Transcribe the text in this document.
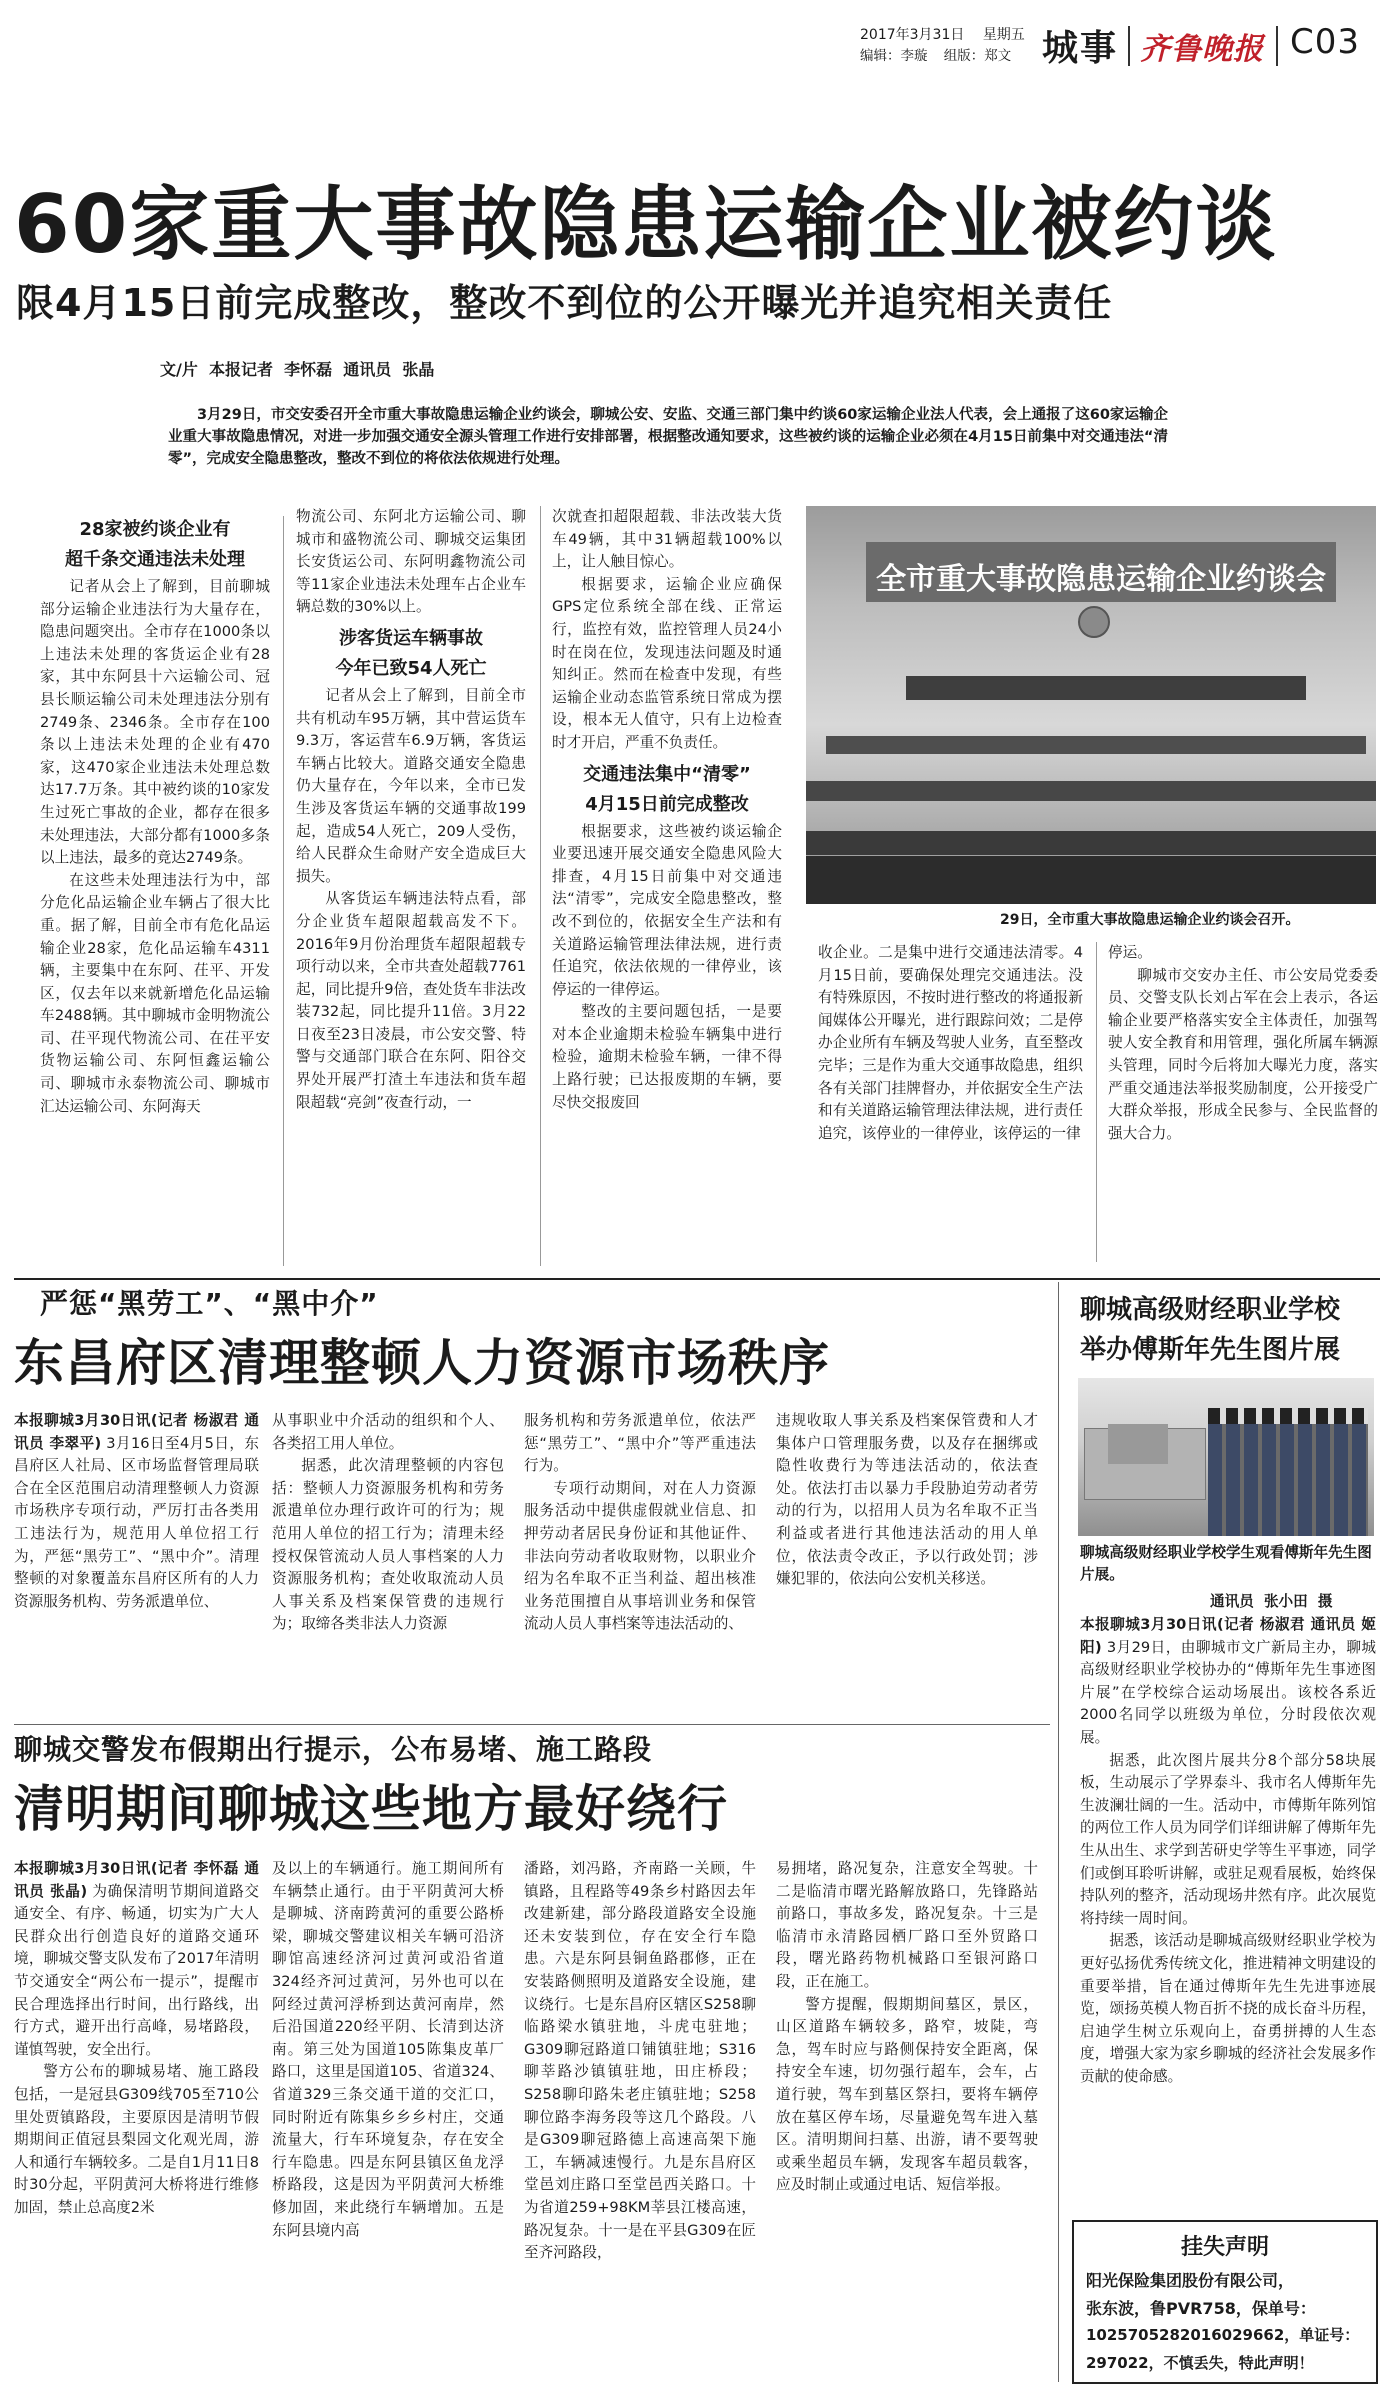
2017年3月31日 星期五
编辑：李璇 组版：郑文 城事 齐鲁晚报 C03
60家重大事故隐患运输企业被约谈
限4月15日前完成整改，整改不到位的公开曝光并追究相关责任
文/片  本报记者  李怀磊  通讯员  张晶

3月29日，市交安委召开全市重大事故隐患运输企业约谈会，聊城公安、安监、交通三部门集中约谈60家运输企业法人代表，会上通报了这60家运输企业重大事故隐患情况，对进一步加强交通安全源头管理工作进行安排部署，根据整改通知要求，这些被约谈的运输企业必须在4月15日前集中对交通违法“清零”，完成安全隐患整改，整改不到位的将依法依规进行处理。

28家被约谈企业有

超千条交通违法未处理

记者从会上了解到，目前聊城部分运输企业违法行为大量存在，隐患问题突出。全市存在1000条以上违法未处理的客货运企业有28家，其中东阿县十六运输公司、冠县长顺运输公司未处理违法分别有2749条、2346条。全市存在100条以上违法未处理的企业有470家，这470家企业违法未处理总数达17.7万条。其中被约谈的10家发生过死亡事故的企业，都存在很多未处理违法，大部分都有1000多条以上违法，最多的竟达2749条。

在这些未处理违法行为中，部分危化品运输企业车辆占了很大比重。据了解，目前全市有危化品运输企业28家，危化品运输车4311辆，主要集中在东阿、茌平、开发区，仅去年以来就新增危化品运输车2488辆。其中聊城市金明物流公司、茌平现代物流公司、在茌平安货物运输公司、东阿恒鑫运输公司、聊城市永泰物流公司、聊城市汇达运输公司、东阿海天

物流公司、东阿北方运输公司、聊城市和盛物流公司、聊城交运集团长安货运公司、东阿明鑫物流公司等11家企业违法未处理车占企业车辆总数的30%以上。

涉客货运车辆事故

今年已致54人死亡

记者从会上了解到，目前全市共有机动车95万辆，其中营运货车9.3万，客运营车6.9万辆，客货运车辆占比较大。道路交通安全隐患仍大量存在，今年以来，全市已发生涉及客货运车辆的交通事故199起，造成54人死亡，209人受伤，给人民群众生命财产安全造成巨大损失。

从客货运车辆违法特点看，部分企业货车超限超载高发不下。2016年9月份治理货车超限超载专项行动以来，全市共查处超载7761起，同比提升9倍，查处货车非法改装732起，同比提升11倍。3月22日夜至23日凌晨，市公安交警、特警与交通部门联合在东阿、阳谷交界处开展严打渣土车违法和货车超限超载“亮剑”夜查行动，一

次就查扣超限超载、非法改装大货车49辆，其中31辆超载100%以上，让人触目惊心。

根据要求，运输企业应确保GPS定位系统全部在线、正常运行，监控有效，监控管理人员24小时在岗在位，发现违法问题及时通知纠正。然而在检查中发现，有些运输企业动态监管系统日常成为摆设，根本无人值守，只有上边检查时才开启，严重不负责任。

交通违法集中“清零”

4月15日前完成整改

根据要求，这些被约谈运输企业要迅速开展交通安全隐患风险大排查，4月15日前集中对交通违法“清零”，完成安全隐患整改，整改不到位的，依据安全生产法和有关道路运输管理法律法规，进行责任追究，依法依规的一律停业，该停运的一律停运。

整改的主要问题包括，一是要对本企业逾期未检验车辆集中进行检验，逾期未检验车辆，一律不得上路行驶；已达报废期的车辆，要尽快交报废回

全市重大事故隐患运输企业约谈会
29日，全市重大事故隐患运输企业约谈会召开。

收企业。二是集中进行交通违法清零。4月15日前，要确保处理完交通违法。没有特殊原因，不按时进行整改的将通报新闻媒体公开曝光，进行跟踪问效；二是停办企业所有车辆及驾驶人业务，直至整改完毕；三是作为重大交通事故隐患，组织各有关部门挂牌督办，并依据安全生产法和有关道路运输管理法律法规，进行责任追究，该停业的一律停业，该停运的一律

停运。

聊城市交安办主任、市公安局党委委员、交警支队长刘占军在会上表示，各运输企业要严格落实安全主体责任，加强驾驶人安全教育和用管理，强化所属车辆源头管理，同时今后将加大曝光力度，落实严重交通违法举报奖励制度，公开接受广大群众举报，形成全民参与、全民监督的强大合力。

严惩“黑劳工”、“黑中介”
东昌府区清理整顿人力资源市场秩序

本报聊城3月30日讯(记者 杨淑君 通讯员 李翠平) 3月16日至4月5日，东昌府区人社局、区市场监督管理局联合在全区范围启动清理整顿人力资源市场秩序专项行动，严厉打击各类用工违法行为，规范用人单位招工行为，严惩“黑劳工”、“黑中介”。清理整顿的对象覆盖东昌府区所有的人力资源服务机构、劳务派遣单位、

从事职业中介活动的组织和个人、各类招工用人单位。

据悉，此次清理整顿的内容包括：整顿人力资源服务机构和劳务派遣单位办理行政许可的行为；规范用人单位的招工行为；清理未经授权保管流动人员人事档案的人力资源服务机构；查处收取流动人员人事关系及档案保管费的违规行为；取缔各类非法人力资源

服务机构和劳务派遣单位，依法严惩“黑劳工”、“黑中介”等严重违法行为。

专项行动期间，对在人力资源服务活动中提供虚假就业信息、扣押劳动者居民身份证和其他证件、非法向劳动者收取财物，以职业介绍为名牟取不正当利益、超出核准业务范围擅自从事培训业务和保管流动人员人事档案等违法活动的、

违规收取人事关系及档案保管费和人才集体户口管理服务费，以及存在捆绑或隐性收费行为等违法活动的，依法查处。依法打击以暴力手段胁迫劳动者劳动的行为，以招用人员为名牟取不正当利益或者进行其他违法活动的用人单位，依法责令改正，予以行政处罚；涉嫌犯罪的，依法向公安机关移送。

聊城交警发布假期出行提示，公布易堵、施工路段
清明期间聊城这些地方最好绕行

本报聊城3月30日讯(记者 李怀磊 通讯员 张晶) 为确保清明节期间道路交通安全、有序、畅通，切实为广大人民群众出行创造良好的道路交通环境，聊城交警支队发布了2017年清明节交通安全“两公布一提示”，提醒市民合理选择出行时间，出行路线，出行方式，避开出行高峰，易堵路段，谨慎驾驶，安全出行。

警方公布的聊城易堵、施工路段包括，一是冠县G309线705至710公里处贾镇路段，主要原因是清明节假期期间正值冠县梨园文化观光周，游人和通行车辆较多。二是自1月11日8时30分起，平阴黄河大桥将进行维修加固，禁止总高度2米

及以上的车辆通行。施工期间所有车辆禁止通行。由于平阴黄河大桥是聊城、济南跨黄河的重要公路桥梁，聊城交警建议相关车辆可沿济聊馆高速经济河过黄河或沿省道324经齐河过黄河，另外也可以在阿经过黄河浮桥到达黄河南岸，然后沿国道220经平阴、长清到达济南。第三处为国道105陈集皮革厂路口，这里是国道105、省道324、省道329三条交通干道的交汇口，同时附近有陈集乡乡乡村庄，交通流量大，行车环境复杂，存在安全行车隐患。四是东阿县镇区鱼龙浮桥路段，这是因为平阴黄河大桥维修加固，来此绕行车辆增加。五是东阿县境内高

潘路，刘冯路，齐南路一关顾，牛镇路，且程路等49条乡村路因去年改建新建，部分路段道路安全设施还未安装到位，存在安全行车隐患。六是东阿县铜鱼路郡修，正在安装路侧照明及道路安全设施，建议绕行。七是东昌府区辖区S258聊临路梁水镇驻地，斗虎屯驻地；G309聊冠路道口铺镇驻地；S316聊莘路沙镇镇驻地，田庄桥段；S258聊印路朱老庄镇驻地；S258聊位路李海务段等这几个路段。八是G309聊冠路德上高速高架下施工，车辆减速慢行。九是东昌府区堂邑刘庄路口至堂邑西关路口。十为省道259+98KM莘县江楼高速，路况复杂。十一是在平县G309在匠至齐河路段，

易拥堵，路况复杂，注意安全驾驶。十二是临清市曙光路解放路口，先锋路站前路口，事故多发，路况复杂。十三是临清市永清路园栖厂路口至外贸路口段，曙光路药物机械路口至银河路口段，正在施工。

警方提醒，假期期间墓区，景区，山区道路车辆较多，路窄，坡陡，弯急，驾车时应与路侧保持安全距离，保持安全车速，切勿强行超车，会车，占道行驶，驾车到墓区祭扫，要将车辆停放在墓区停车场，尽量避免驾车进入墓区。清明期间扫墓、出游，请不要驾驶或乘坐超员车辆，发现客车超员载客，应及时制止或通过电话、短信举报。

聊城高级财经职业学校
举办傅斯年先生图片展
聊城高级财经职业学校学生观看傅斯年先生图片展。
通讯员  张小田  摄

本报聊城3月30日讯(记者 杨淑君 通讯员 姬阳) 3月29日，由聊城市文广新局主办，聊城高级财经职业学校协办的“傅斯年先生事迹图片展”在学校综合运动场展出。该校各系近2000名同学以班级为单位，分时段依次观展。

据悉，此次图片展共分8个部分58块展板，生动展示了学界泰斗、我市名人傅斯年先生波澜壮阔的一生。活动中，市傅斯年陈列馆的两位工作人员为同学们详细讲解了傅斯年先生从出生、求学到苦研史学等生平事迹，同学们或倒耳聆听讲解，或驻足观看展板，始终保持队列的整齐，活动现场井然有序。此次展览将持续一周时间。

据悉，该活动是聊城高级财经职业学校为更好弘扬优秀传统文化，推进精神文明建设的重要举措，旨在通过傅斯年先生先进事迹展览，颂扬英模人物百折不挠的成长奋斗历程，启迪学生树立乐观向上，奋勇拼搏的人生态度，增强大家为家乡聊城的经济社会发展多作贡献的使命感。

挂失声明
阳光保险集团股份有限公司，
张东波，鲁PVR758，保单号：
1025705282016029662，单证号：
297022，不慎丢失，特此声明！
